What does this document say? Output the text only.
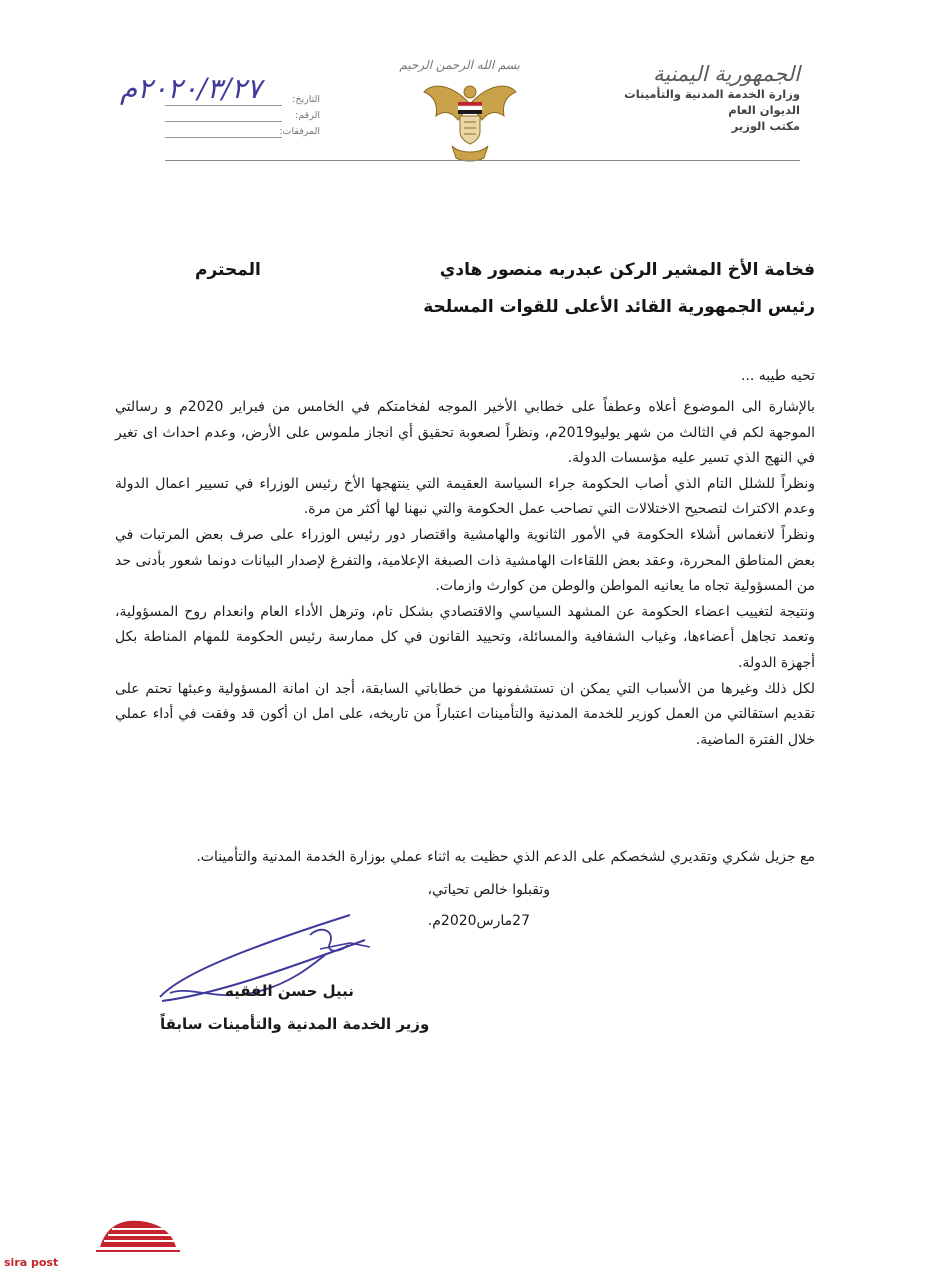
الجمهورية اليمنية
وزارة الخدمة المدنية والتأمينات
الديوان العام
مكتب الوزير
بسم الله الرحمن الرحيم
٢٠٢٠/٣/٢٧م	التاريخ:
الرقم:
المرفقات:
فخامة الأخ المشير الركن عبدربه منصور هادي
المحترم
رئيس الجمهورية القائد الأعلى للقوات المسلحة
تحيه طيبه ...

بالإشارة الى الموضوع أعلاه وعطفاً على خطابي الأخير الموجه لفخامتكم في الخامس من فبراير 2020م و رسالتي الموجهة لكم في الثالث من شهر يوليو2019م، ونظراً لصعوبة تحقيق أي انجاز ملموس على الأرض، وعدم احداث اى تغير في النهج الذي تسير عليه مؤسسات الدولة.

ونظراً للشلل التام الذي أصاب الحكومة جراء السياسة العقيمة التي ينتهجها الأخ رئيس الوزراء في تسيير اعمال الدولة وعدم الاكتراث لتصحيح الاختلالات التي تصاحب عمل الحكومة والتي نبهنا لها أكثر من مرة.

ونظراً لانغماس أشلاء الحكومة في الأمور الثانوية والهامشية واقتصار دور رئيس الوزراء على صرف بعض المرتبات في بعض المناطق المحررة، وعقد بعض اللقاءات الهامشية ذات الصبغة الإعلامية، والتفرغ لإصدار البيانات دونما شعور بأدنى حد من المسؤولية تجاه ما يعانيه المواطن والوطن من كوارث وازمات.

ونتيجة لتغييب اعضاء الحكومة عن المشهد السياسي والاقتصادي بشكل تام، وترهل الأداء العام وانعدام روح المسؤولية، وتعمد تجاهل أعضاءها، وغياب الشفافية والمسائلة، وتحييد القانون في كل ممارسة رئيس الحكومة للمهام المناطة بكل أجهزة الدولة.

لكل ذلك وغيرها من الأسباب التي يمكن ان تستشفونها من خطاباتي السابقة، أجد ان امانة المسؤولية وعبئها تحتم على تقديم استقالتي من العمل كوزير للخدمة المدنية والتأمينات اعتباراً من تاريخه، على امل ان أكون قد وفقت في أداء عملي خلال الفترة الماضية.

مع جزيل شكري وتقديري لشخصكم على الدعم الذي حظيت به اثناء عملي بوزارة الخدمة المدنية والتأمينات.
وتقبلوا خالص تحياتي،
27مارس2020م.
نبيل حسن الفقيه
وزير الخدمة المدنية والتأمينات سابقاً
sira post
